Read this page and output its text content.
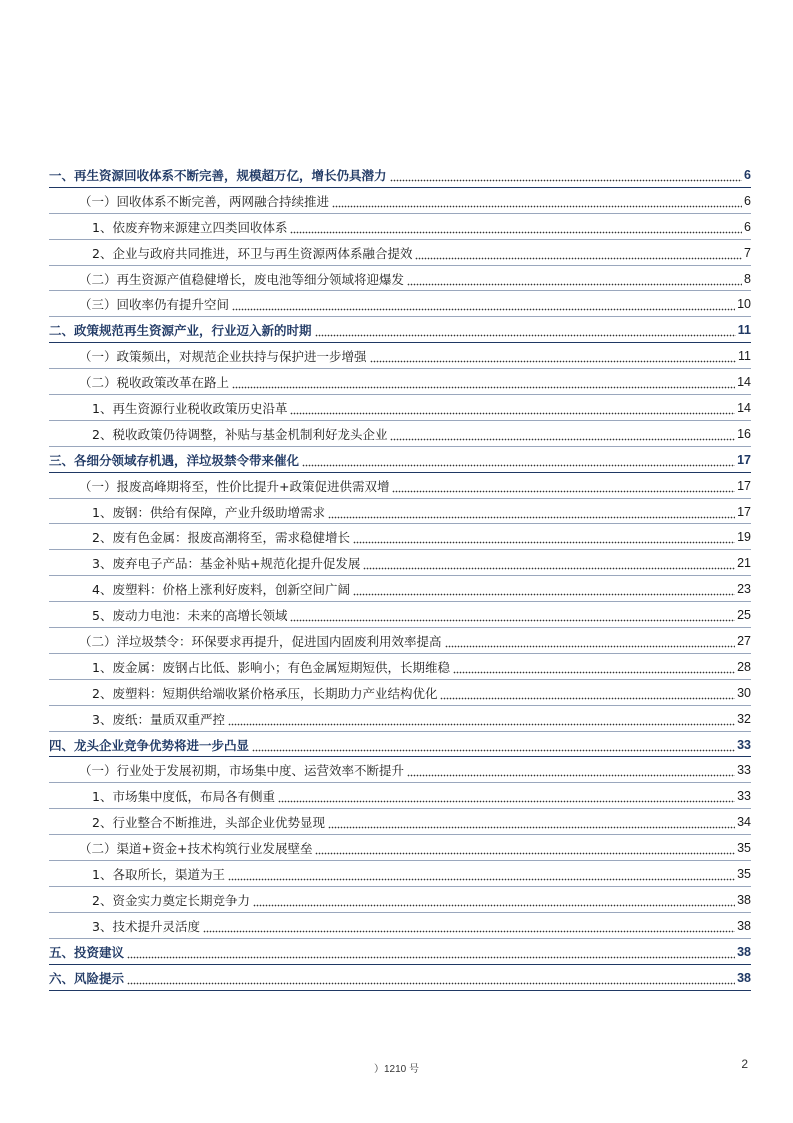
一、再生资源回收体系不断完善，规模超万亿，增长仍具潜力	6
（一）回收体系不断完善，两网融合持续推进	6
1、依废弃物来源建立四类回收体系	6
2、企业与政府共同推进，环卫与再生资源两体系融合提效	7
（二）再生资源产值稳健增长，废电池等细分领域将迎爆发	8
（三）回收率仍有提升空间	10
二、政策规范再生资源产业，行业迈入新的时期	11
（一）政策频出，对规范企业扶持与保护进一步增强	11
（二）税收政策改革在路上	14
1、再生资源行业税收政策历史沿革	14
2、税收政策仍待调整，补贴与基金机制利好龙头企业	16
三、各细分领域存机遇，洋垃圾禁令带来催化	17
（一）报废高峰期将至，性价比提升+政策促进供需双增	17
1、废钢：供给有保障，产业升级助增需求	17
2、废有色金属：报废高潮将至，需求稳健增长	19
3、废弃电子产品：基金补贴+规范化提升促发展	21
4、废塑料：价格上涨利好废料，创新空间广阔	23
5、废动力电池：未来的高增长领域	25
（二）洋垃圾禁令：环保要求再提升，促进国内固废利用效率提高	27
1、废金属：废钢占比低、影响小；有色金属短期短供，长期维稳	28
2、废塑料：短期供给端收紧价格承压，长期助力产业结构优化	30
3、废纸：量质双重严控	32
四、龙头企业竞争优势将进一步凸显	33
（一）行业处于发展初期，市场集中度、运营效率不断提升	33
1、市场集中度低，布局各有侧重	33
2、行业整合不断推进，头部企业优势显现	34
（二）渠道+资金+技术构筑行业发展壁垒	35
1、各取所长，渠道为王	35
2、资金实力奠定长期竞争力	38
3、技术提升灵活度	38
五、投资建议	38
六、风险提示	38
）1210 号	2
